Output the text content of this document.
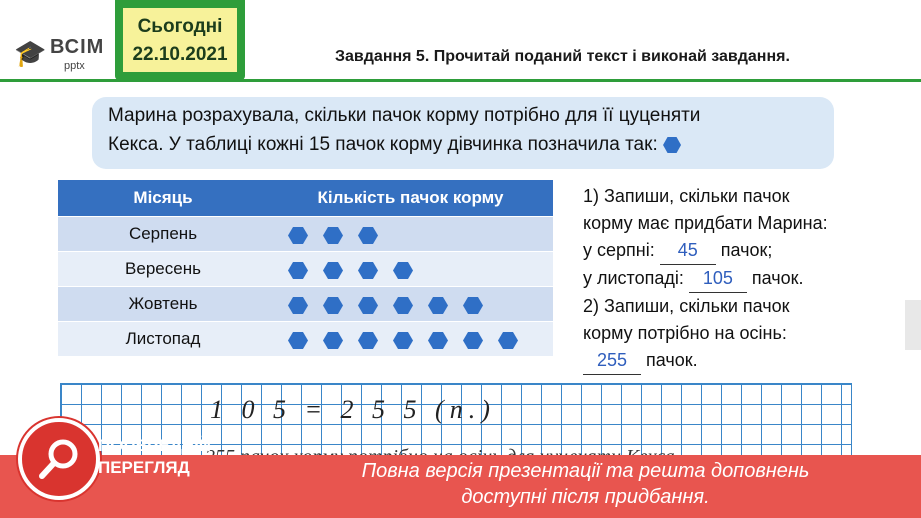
🎓 ВСІМ
pptx
Сьогодні
22.10.2021	Завдання 5. Прочитай поданий текст і виконай завдання.
Марина розрахувала, скільки пачок корму потрібно для її цуценяти
Кекса. У таблиці кожні 15 пачок корму дівчинка позначила так:
Місяць	Кількість пачок корму
Серпень
Вересень
Жовтень
Листопад
1) Запиши, скільки пачок
корму має придбати Марина:
у серпні: 45 пачок;
у листопаді: 105 пачок.
2) Запиши, скільки пачок
корму потрібно на осінь:
255 пачок.
1 0 5 = 2 5 5 (п.)
Повна версія презентації та решта доповнень
доступні після придбання.
ПОПЕРЕДНІЙ
ПЕРЕГЛЯД
